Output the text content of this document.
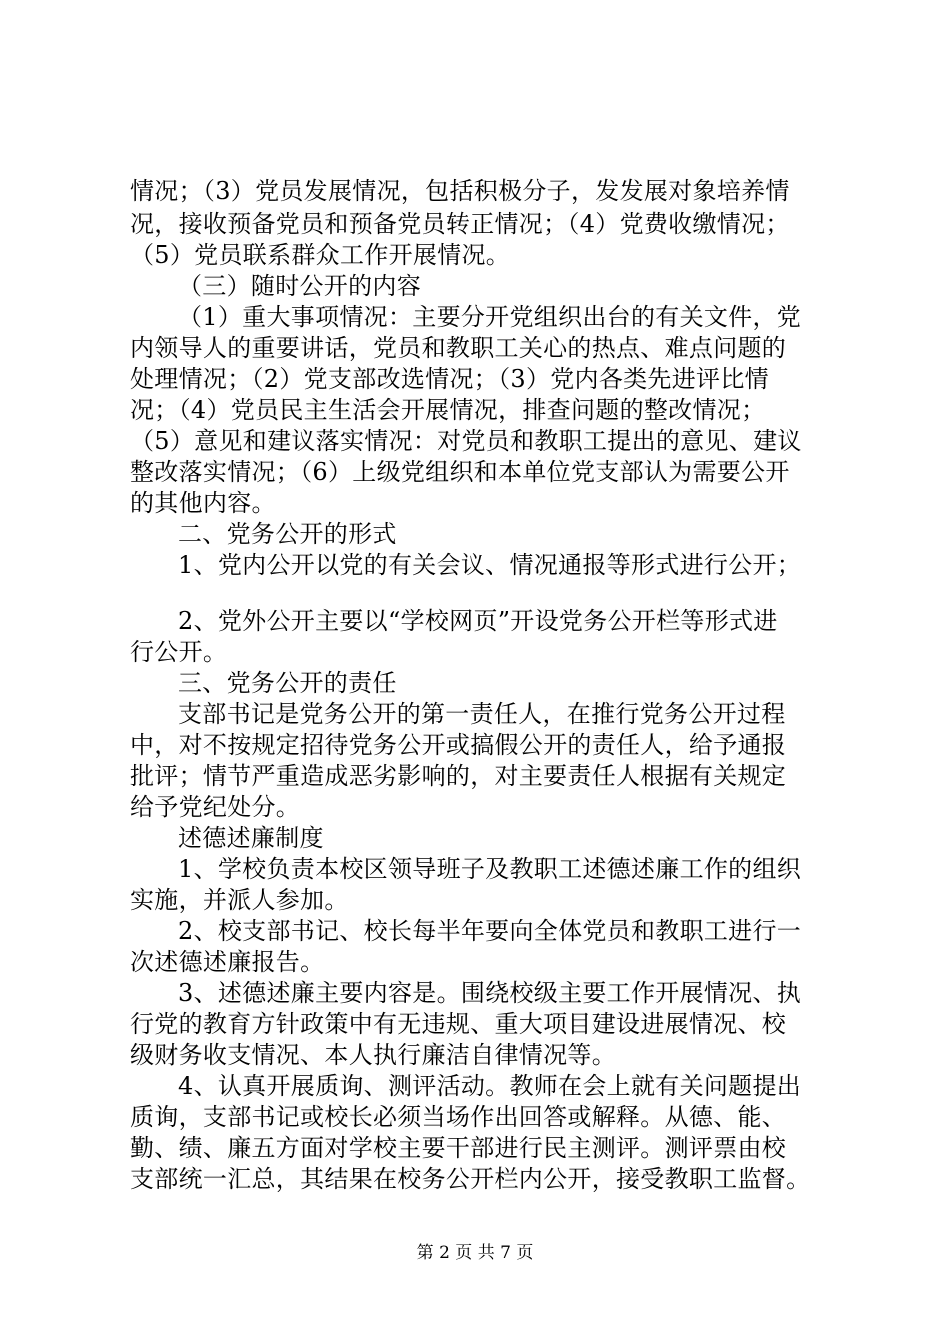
情况；（3）党员发展情况，包括积极分子，发发展对象培养情
况，接收预备党员和预备党员转正情况；（4）党费收缴情况；
（5）党员联系群众工作开展情况。
（三）随时公开的内容
（1）重大事项情况：主要分开党组织出台的有关文件，党
内领导人的重要讲话，党员和教职工关心的热点、难点问题的
处理情况；（2）党支部改选情况；（3）党内各类先进评比情
况；（4）党员民主生活会开展情况，排查问题的整改情况；
（5）意见和建议落实情况：对党员和教职工提出的意见、建议
整改落实情况；（6）上级党组织和本单位党支部认为需要公开
的其他内容。
二、党务公开的形式
1、党内公开以党的有关会议、情况通报等形式进行公开；
2、党外公开主要以“学校网页”开设党务公开栏等形式进
行公开。
三、党务公开的责任
支部书记是党务公开的第一责任人，在推行党务公开过程
中，对不按规定招待党务公开或搞假公开的责任人，给予通报
批评；情节严重造成恶劣影响的，对主要责任人根据有关规定
给予党纪处分。
述德述廉制度
1、学校负责本校区领导班子及教职工述德述廉工作的组织
实施，并派人参加。
2、校支部书记、校长每半年要向全体党员和教职工进行一
次述德述廉报告。
3、述德述廉主要内容是。围绕校级主要工作开展情况、执
行党的教育方针政策中有无违规、重大项目建设进展情况、校
级财务收支情况、本人执行廉洁自律情况等。
4、认真开展质询、测评活动。教师在会上就有关问题提出
质询，支部书记或校长必须当场作出回答或解释。从德、能、
勤、绩、廉五方面对学校主要干部进行民主测评。测评票由校
支部统一汇总，其结果在校务公开栏内公开，接受教职工监督。
第 2 页 共 7 页
